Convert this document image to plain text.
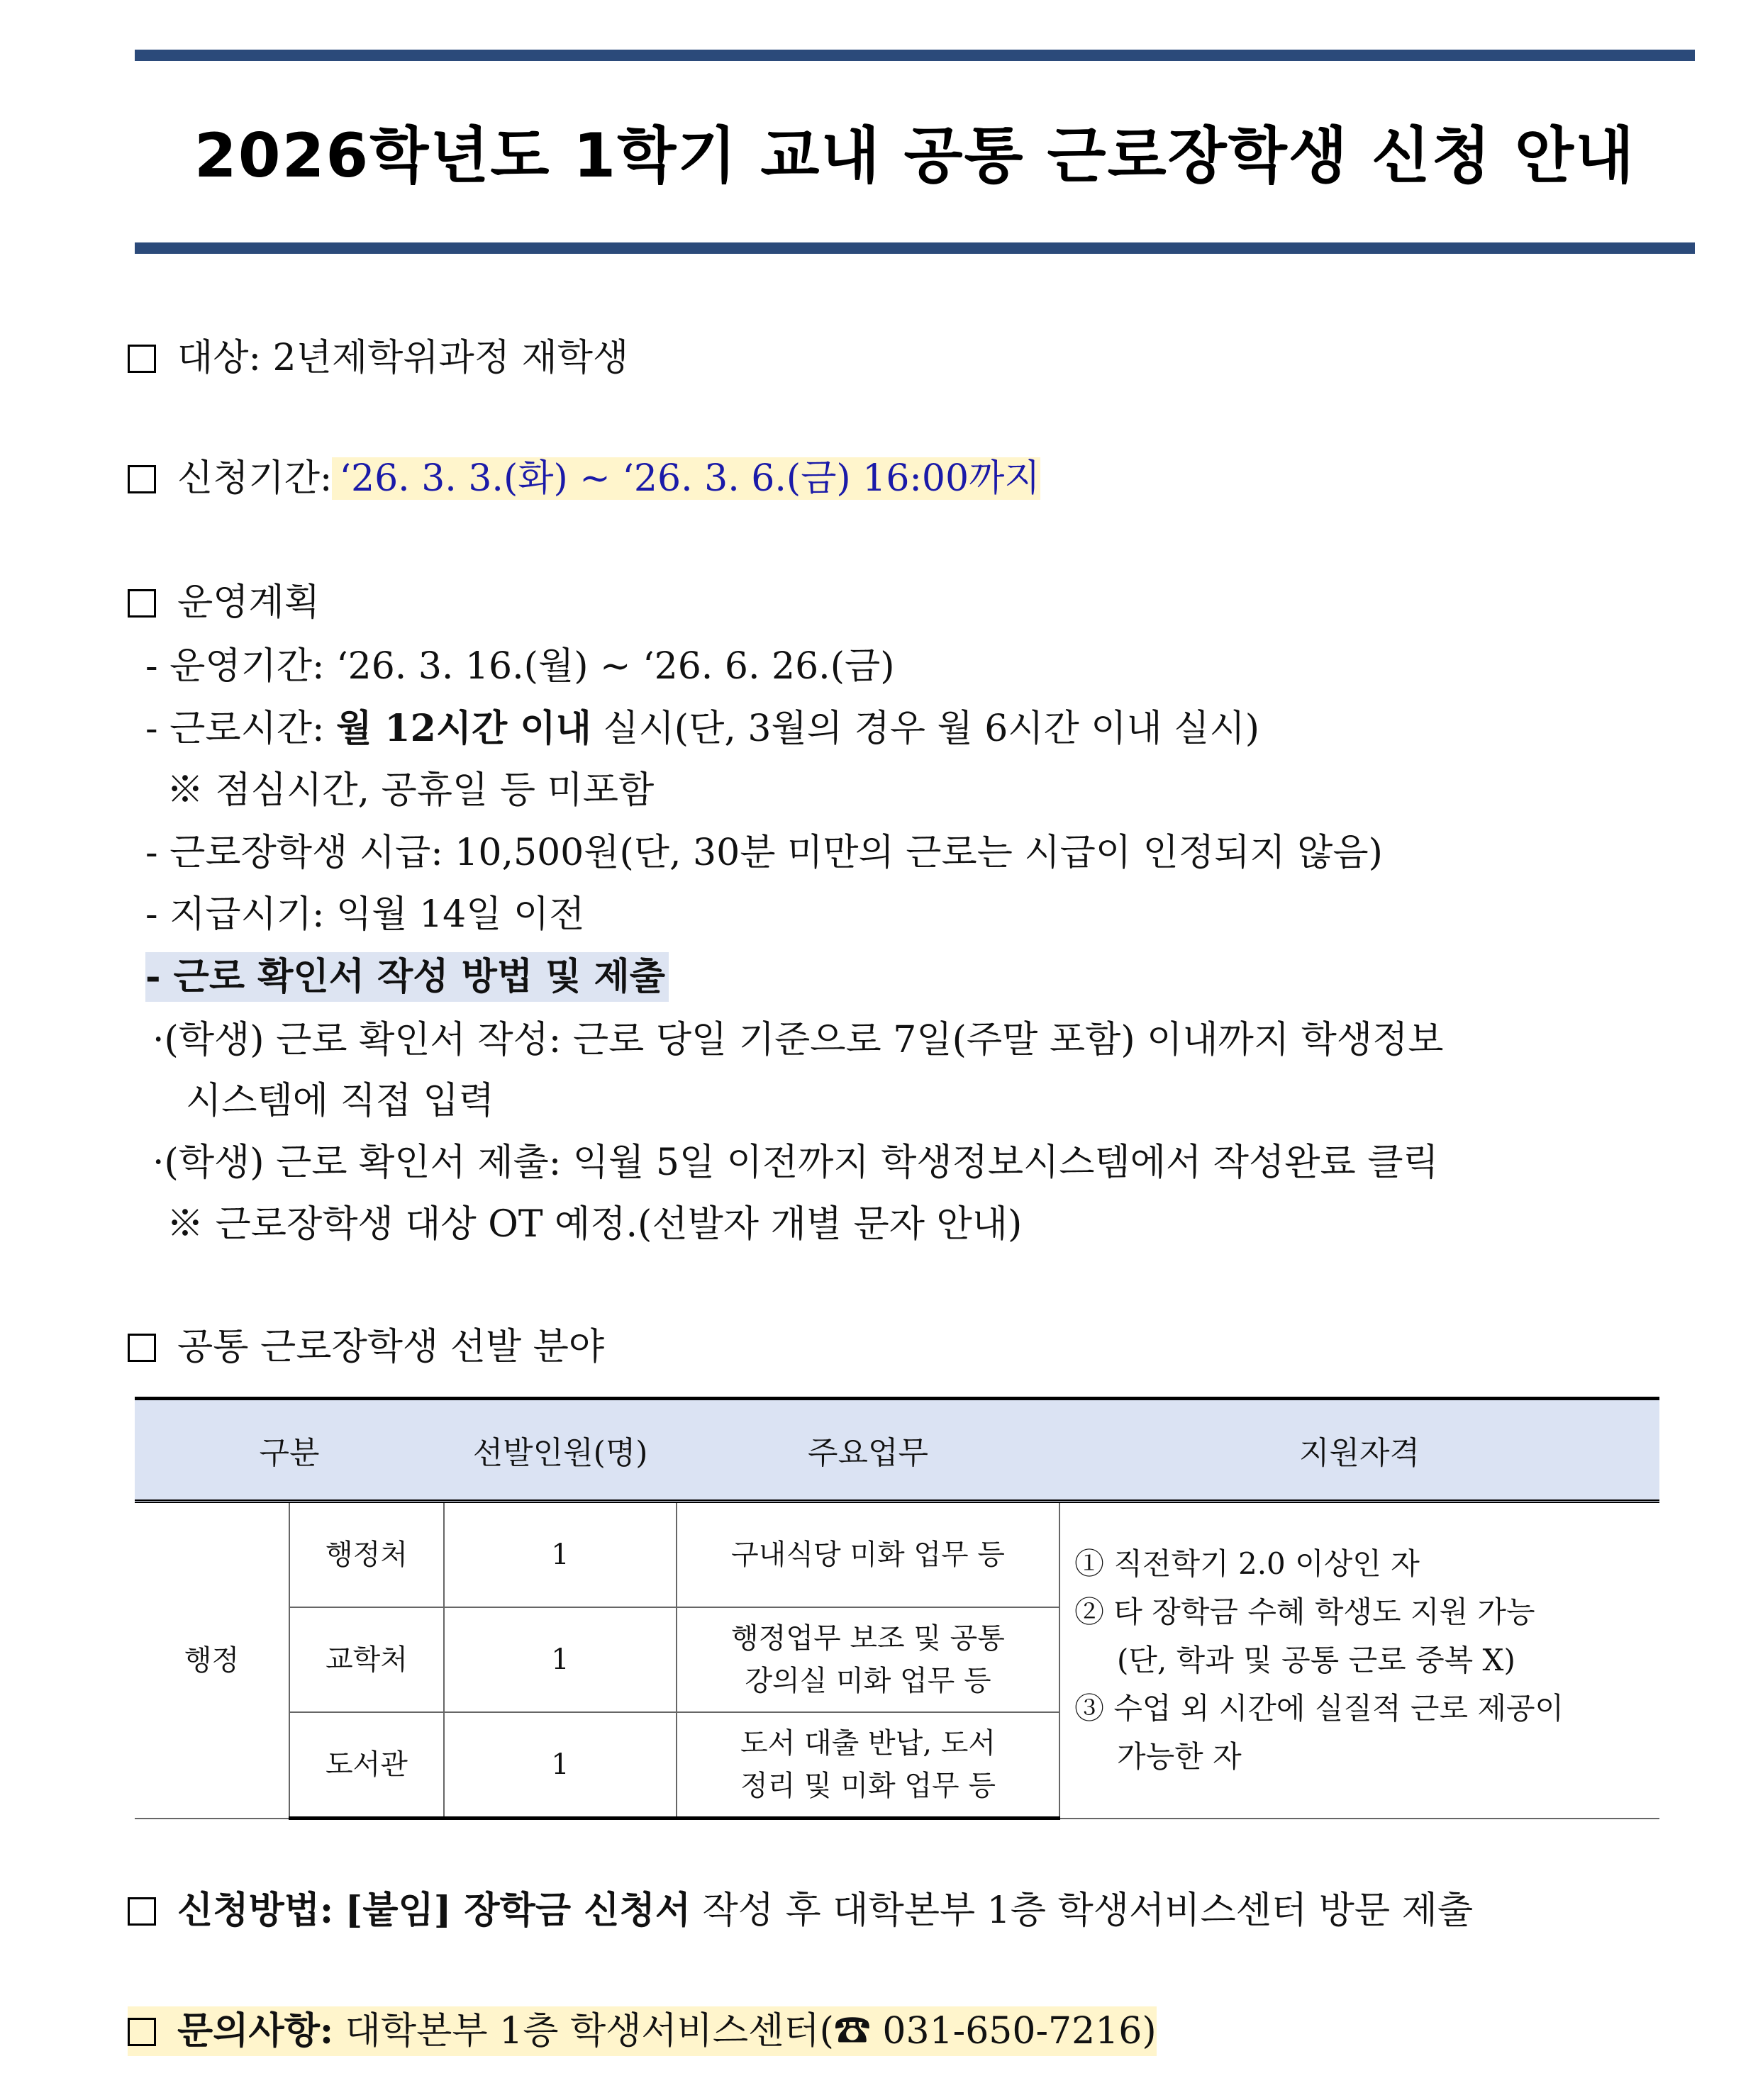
2026학년도 1학기 교내 공통 근로장학생 신청 안내
대상: 2년제학위과정 재학생
신청기간: ‘26. 3. 3.(화) ~ ‘26. 3. 6.(금) 16:00까지
운영계획
- 운영기간: ‘26. 3. 16.(월) ~ ‘26. 6. 26.(금)
- 근로시간: 월 12시간 이내 실시(단, 3월의 경우 월 6시간 이내 실시)
※ 점심시간, 공휴일 등 미포함
- 근로장학생 시급: 10,500원(단, 30분 미만의 근로는 시급이 인정되지 않음)
- 지급시기: 익월 14일 이전
- 근로 확인서 작성 방법 및 제출
·(학생) 근로 확인서 작성: 근로 당일 기준으로 7일(주말 포함) 이내까지 학생정보
시스템에 직접 입력
·(학생) 근로 확인서 제출: 익월 5일 이전까지 학생정보시스템에서 작성완료 클릭
※ 근로장학생 대상 OT 예정.(선발자 개별 문자 안내)
공통 근로장학생 선발 분야
구분		선발인원(명)	주요업무	지원자격
행정	행정처	1	구내식당 미화 업무 등	① 직전학기 2.0 이상인 자
② 타 장학금 수혜 학생도 지원 가능
(단, 학과 및 공통 근로 중복 X)
③ 수업 외 시간에 실질적 근로 제공이
가능한 자

	교학처	1	행정업무 보조 및 공통
강의실 미화 업무 등	

	도서관	1	도서 대출 반납, 도서
정리 및 미화 업무 등	
신청방법: [붙임] 장학금 신청서 작성 후 대학본부 1층 학생서비스센터 방문 제출
문의사항: 대학본부 1층 학생서비스센터(☎ 031-650-7216)
